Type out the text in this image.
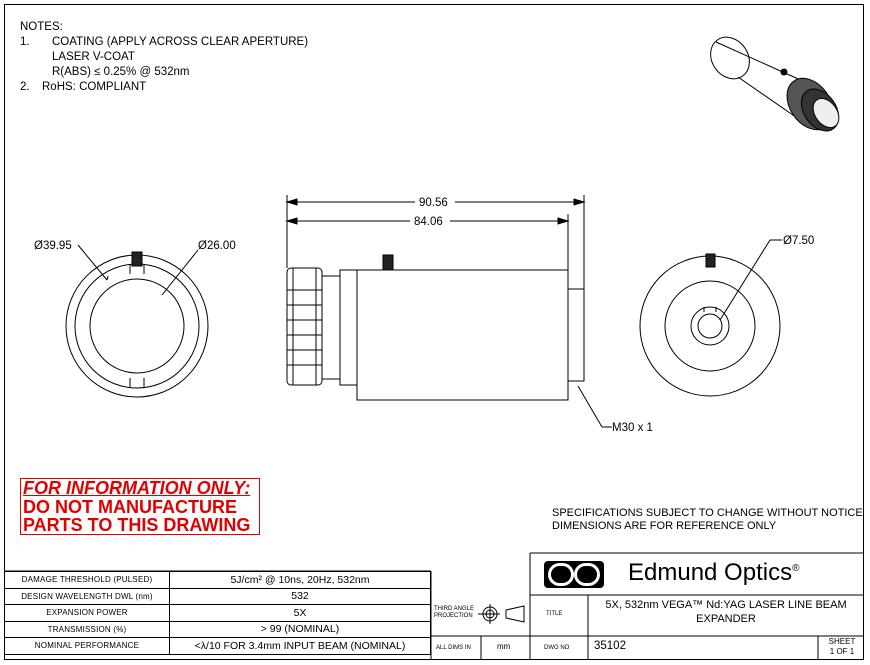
NOTES:
1.	COATING (APPLY ACROSS CLEAR APERTURE)
LASER V-COAT
R(ABS) ≤ 0.25% @ 532nm
2.	RoHS: COMPLIANT
Ø39.95	Ø26.00
90.56
84.06
M30 x 1
Ø7.50
FOR INFORMATION ONLY:
DO NOT MANUFACTURE
PARTS TO THIS DRAWING
SPECIFICATIONS SUBJECT TO CHANGE WITHOUT NOTICE
DIMENSIONS ARE FOR REFERENCE ONLY
DAMAGE THRESHOLD (PULSED)	5J/cm² @ 10ns, 20Hz, 532nm
DESIGN WAVELENGTH DWL (nm)	532
EXPANSION POWER	5X
TRANSMISSION (%)	> 99 (NOMINAL)
NOMINAL PERFORMANCE	<λ/10 FOR 3.4mm INPUT BEAM (NOMINAL)
Edmund Optics®
THIRD ANGLE PROJECTION	TITLE
5X, 532nm VEGA™ Nd:YAG LASER LINE BEAM
EXPANDER
ALL DIMS IN	mm	DWG NO 35102	SHEET
1 OF 1
